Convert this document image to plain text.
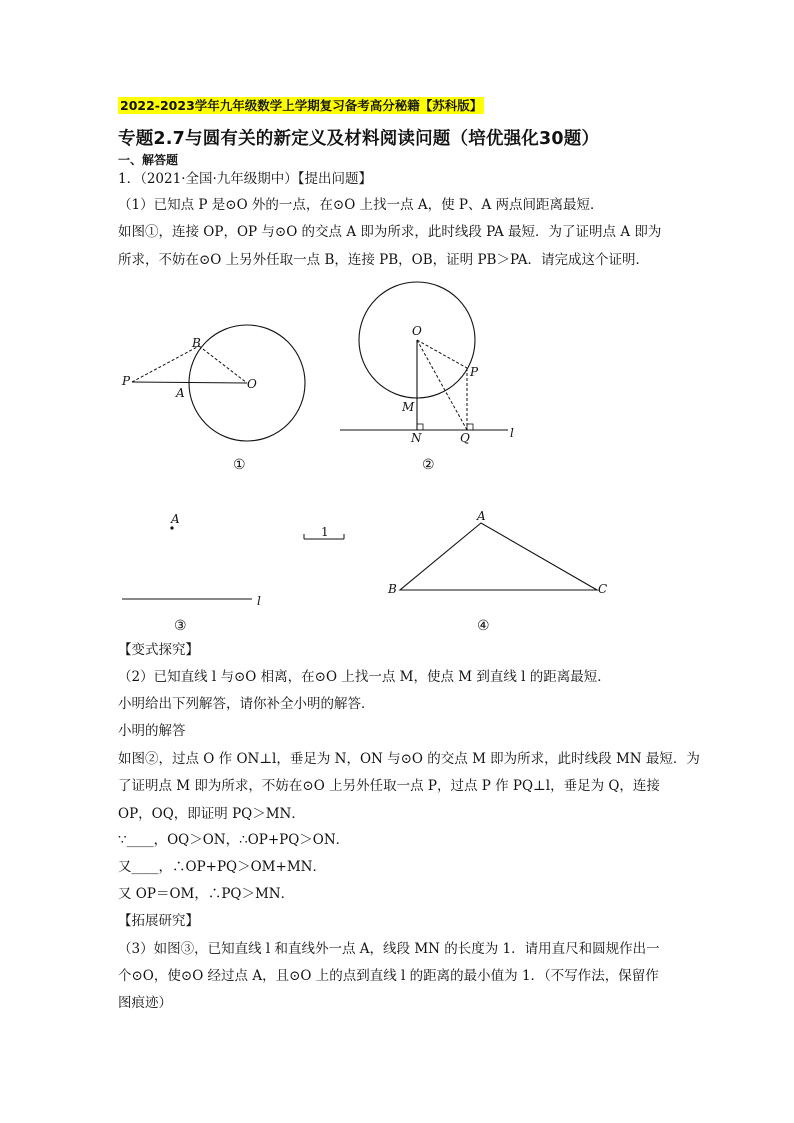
2022-2023学年九年级数学上学期复习备考高分秘籍【苏科版】
专题2.7与圆有关的新定义及材料阅读问题（培优强化30题）
一、解答题
1．（2021·全国·九年级期中）【提出问题】
（1）已知点 P 是⊙O 外的一点，在⊙O 上找一点 A，使 P、A 两点间距离最短．
如图①，连接 OP，OP 与⊙O 的交点 A 即为所求，此时线段 PA 最短．为了证明点 A 即为
所求，不妨在⊙O 上另外任取一点 B，连接 PB，OB，证明 PB＞PA．请完成这个证明．
P
A
B
O
①
O
P
M
N	Q	l
②
A
l
1
③
A
B	C
④
【变式探究】
（2）已知直线 l 与⊙O 相离，在⊙O 上找一点 M，使点 M 到直线 l 的距离最短．
小明给出下列解答，请你补全小明的解答．
小明的解答
如图②，过点 O 作 ON⊥l，垂足为 N，ON 与⊙O 的交点 M 即为所求，此时线段 MN 最短．为
了证明点 M 即为所求，不妨在⊙O 上另外任取一点 P，过点 P 作 PQ⊥l，垂足为 Q，连接
OP，OQ，即证明 PQ＞MN．
∵____，OQ＞ON，∴OP+PQ＞ON．
又____，∴OP+PQ＞OM+MN．
又 OP＝OM，∴PQ＞MN．
【拓展研究】
（3）如图③，已知直线 l 和直线外一点 A，线段 MN 的长度为 1．请用直尺和圆规作出一
个⊙O，使⊙O 经过点 A，且⊙O 上的点到直线 l 的距离的最小值为 1．（不写作法，保留作
图痕迹）
